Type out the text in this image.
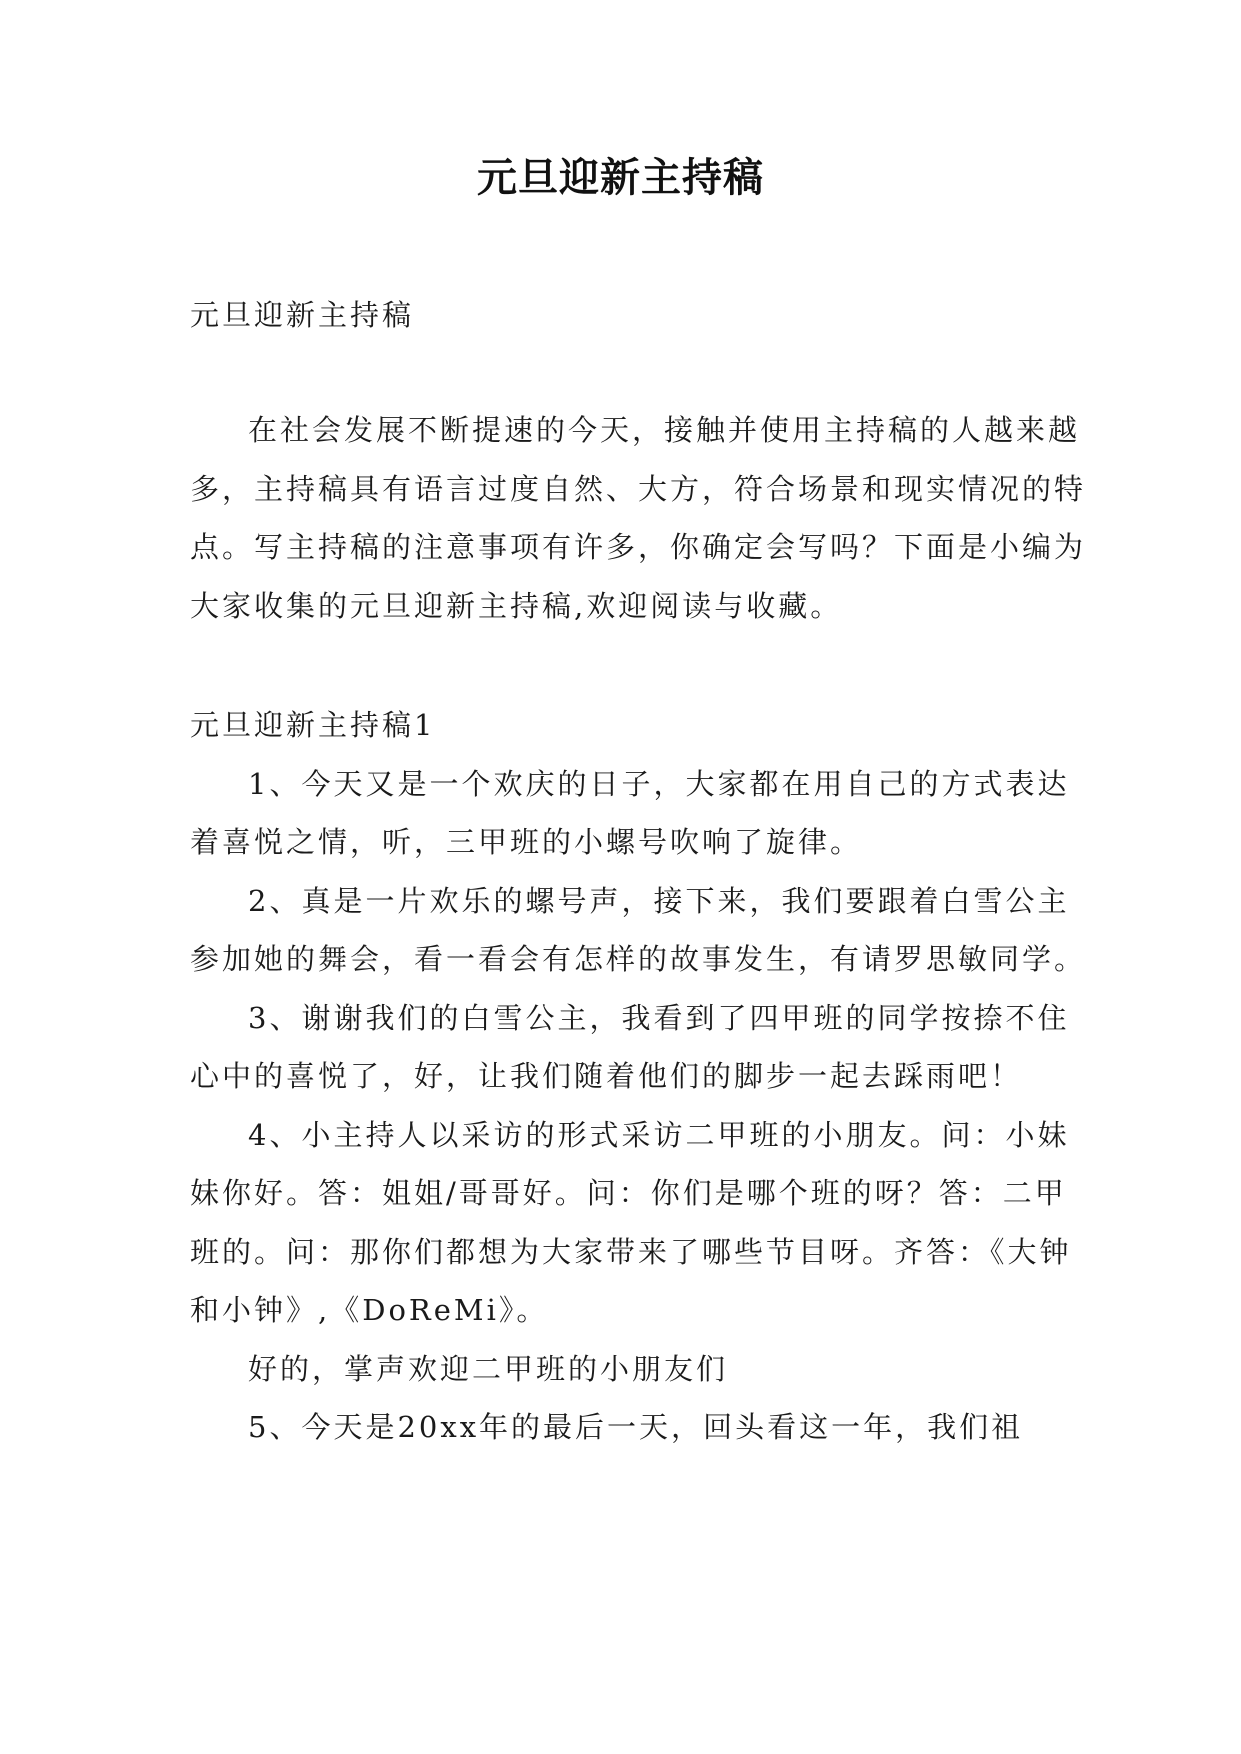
元旦迎新主持稿

元旦迎新主持稿

在社会发展不断提速的今天，接触并使用主持稿的人越来越多，主持稿具有语言过度自然、大方，符合场景和现实情况的特点。写主持稿的注意事项有许多，你确定会写吗？下面是小编为大家收集的元旦迎新主持稿,欢迎阅读与收藏。

元旦迎新主持稿1

1、今天又是一个欢庆的日子，大家都在用自己的方式表达着喜悦之情，听，三甲班的小螺号吹响了旋律。

2、真是一片欢乐的螺号声，接下来，我们要跟着白雪公主参加她的舞会，看一看会有怎样的故事发生，有请罗思敏同学。

3、谢谢我们的白雪公主，我看到了四甲班的同学按捺不住心中的喜悦了，好，让我们随着他们的脚步一起去踩雨吧！

4、小主持人以采访的形式采访二甲班的小朋友。问：小妹妹你好。答：姐姐/哥哥好。问：你们是哪个班的呀？答：二甲班的。问：那你们都想为大家带来了哪些节目呀。齐答：《大钟和小钟》,《DoReMi》。

好的，掌声欢迎二甲班的小朋友们

5、今天是20xx年的最后一天，回头看这一年，我们祖
